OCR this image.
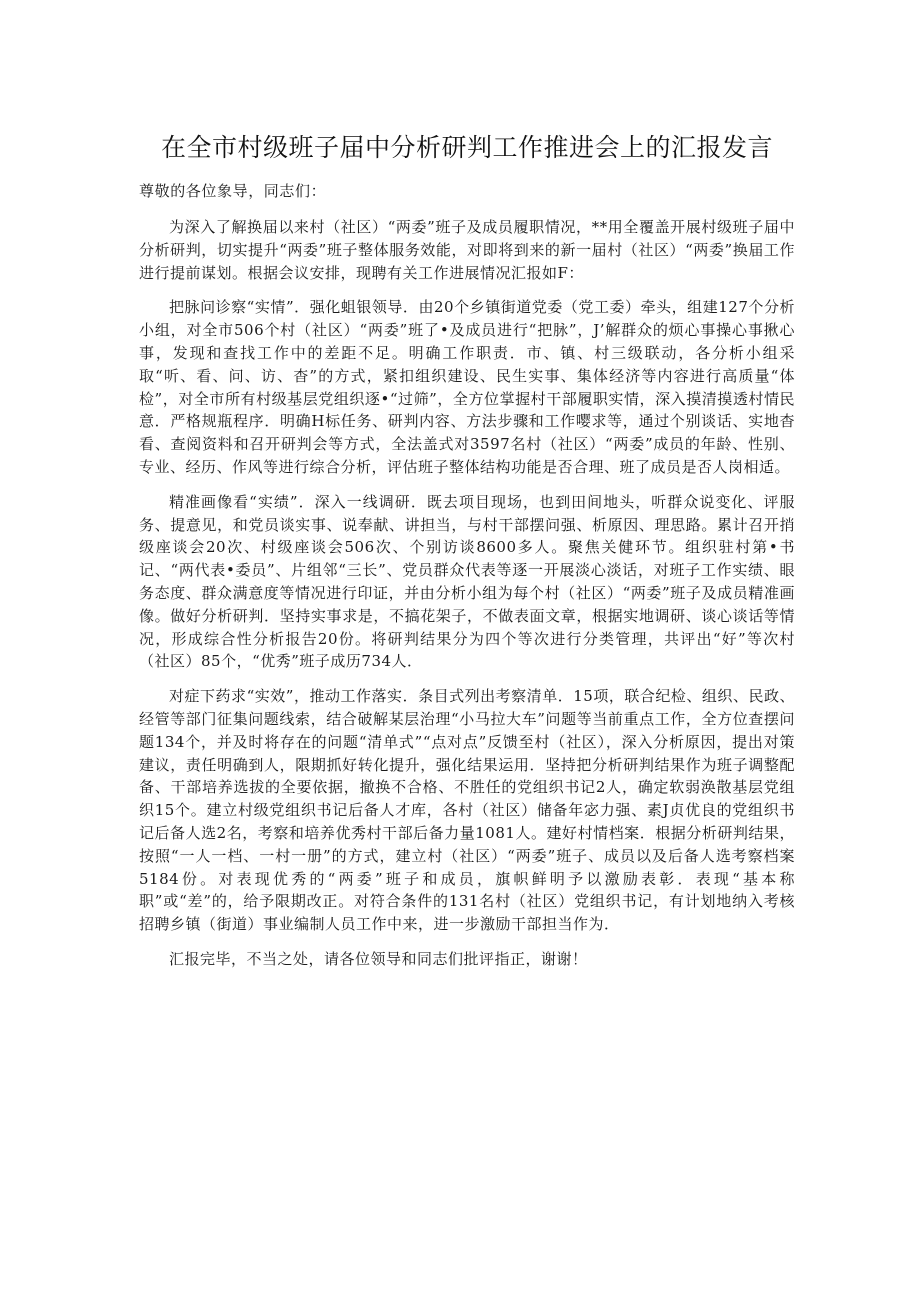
在全市村级班子届中分析研判工作推进会上的汇报发言

尊敬的各位象导，同志们：

为深入了解换届以来村（社区）“两委”班子及成员履职情况，**用全覆盖开展村级班子届中分析研判，切实提升“两委”班子整体服务效能，对即将到来的新一届村（社区）“两委”换届工作进行提前谋划。根据会议安排，现聘有关工作进展情况汇报如F：

把脉问诊察“实情”．强化蛆银领导．由20个乡镇街道党委（党工委）牵头，组建127个分析小组，对全市506个村（社区）“两委”班了•及成员进行“把脉”，J’解群众的烦心事操心事揪心事，发现和查找工作中的差距不足。明确工作职责．市、镇、村三级联动，各分析小组采取“听、看、问、访、杳”的方式，紧扣组织建设、民生实事、集体经济等内容进行高质量“体检”，对全市所有村级基层党组织逐•“过筛”，全方位掌握村干部履职实情，深入摸清摸透村情民意．严格规瓶程序．明确H标任务、研判内容、方法步骤和工作嘤求等，通过个别谈话、实地杳看、查阅资料和召开研判会等方式，全法盖式对3597名村（社区）“两委”成员的年龄、性别、专业、经历、作风等进行综合分析，评估班子整体结构功能是否合理、班了成员是否人岗相适。

精准画像看“实绩”．深入一线调研．既去项目现场，也到田间地头，听群众说变化、评服务、提意见，和党员谈实事、说奉献、讲担当，与村干部摆问强、析原因、理思路。累计召开捎级座谈会20次、村级座谈会506次、个别访谈8600多人。聚焦关健环节。组织驻村第•书记、“两代表•委员”、片组邻“三长”、党员群众代表等逐一开展淡心淡话，对班子工作实绩、眼务态度、群众满意度等情况进行印证，并由分析小组为每个村（社区）“两委”班子及成员精准画像。做好分析研判．坚持实事求是，不搞花架子，不做表面文章，根据实地调研、谈心谈话等情况，形成综合性分析报告20份。将研判结果分为四个等次进行分类管理，共评出“好”等次村（社区）85个，“优秀”班子成历734人．

对症下药求“实效”，推动工作落实．条目式列出考察清单．15项，联合纪检、组织、民政、经管等部门征集问题线索，结合破解某层治理“小马拉大车”问题等当前重点工作，全方位查摆问题134个，并及时将存在的问题“清单式”“点对点”反馈至村（社区），深入分析原因，提出对策建议，责任明确到人，限期抓好转化提升，强化结果运用．坚持把分析研判结果作为班子调整配备、干部培养选拔的全要依据，撤换不合格、不胜任的党组织书记2人，确定软弱涣散基层党组织15个。建立村级党组织书记后备人才库，各村（社区）储备年宓力强、素J贞优良的党组织书记后备人选2名，考察和培养优秀村干部后备力量1081人。建好村情档案．根据分析研判结果，按照“一人一档、一村一册”的方式，建立村（社区）“两委”班子、成员以及后备人选考察档案5184份。对表现优秀的“两委”班子和成员，旗帜鲜明予以激励表彰．表现“基本称职”或“差”的，给予限期改正。对符合条件的131名村（社区）党组织书记，有计划地纳入考核招聘乡镇（街道）事业编制人员工作中来，进一步激励干部担当作为．

汇报完毕，不当之处，请各位领导和同志们批评指正，谢谢！
